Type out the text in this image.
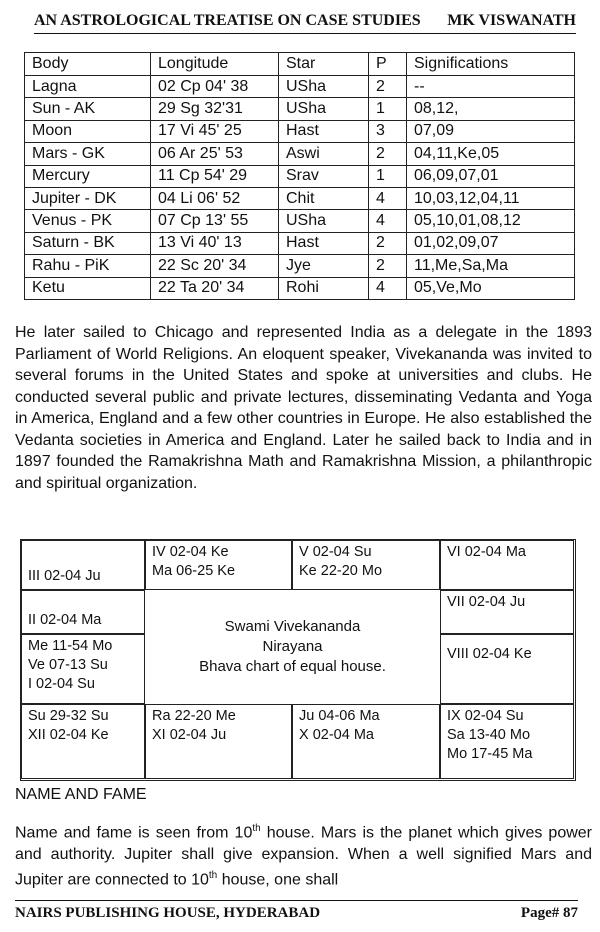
AN ASTROLOGICAL TREATISE ON CASE STUDIES MK VISWANATH
Body	Longitude	Star	P	Significations
Lagna	02 Cp 04' 38	USha	2	--
Sun - AK	29 Sg 32'31	USha	1	08,12,
Moon	17 Vi 45' 25	Hast	3	07,09
Mars - GK	06 Ar 25' 53	Aswi	2	04,11,Ke,05
Mercury	11 Cp 54' 29	Srav	1	06,09,07,01
Jupiter - DK	04 Li 06' 52	Chit	4	10,03,12,04,11
Venus - PK	07 Cp 13' 55	USha	4	05,10,01,08,12
Saturn - BK	13 Vi 40' 13	Hast	2	01,02,09,07
Rahu - PiK	22 Sc 20' 34	Jye	2	11,Me,Sa,Ma
Ketu	22 Ta 20' 34	Rohi	4	05,Ve,Mo

He later sailed to Chicago and represented India as a delegate in the 1893 Parliament of World Religions. An eloquent speaker, Vivekananda was invited to several forums in the United States and spoke at universities and clubs. He conducted several public and private lectures, disseminating Vedanta and Yoga in America, England and a few other countries in Europe. He also established the Vedanta societies in America and England. Later he sailed back to India and in 1897 founded the Ramakrishna Math and Ramakrishna Mission, a philanthropic and spiritual organization.

III 02-04 Ju
IV 02-04 Ke
Ma 06-25 Ke
V 02-04 Su
Ke 22-20 Mo
VI 02-04 Ma
II 02-04 Ma
VII 02-04 Ju
Me 11-54 Mo
Ve 07-13 Su
I 02-04 Su
VIII 02-04 Ke
Swami Vivekananda
Nirayana
Bhava chart of equal house.
Su 29-32 Su
XII 02-04 Ke
Ra 22-20 Me
XI 02-04 Ju
Ju 04-06 Ma
X 02-04 Ma
IX 02-04 Su
Sa 13-40 Mo
Mo 17-45 Ma

NAME AND FAME

Name and fame is seen from 10th house. Mars is the planet which gives power and authority. Jupiter shall give expansion. When a well signified Mars and Jupiter are connected to 10th house, one shall

NAIRS PUBLISHING HOUSE, HYDERABAD	Page# 87
